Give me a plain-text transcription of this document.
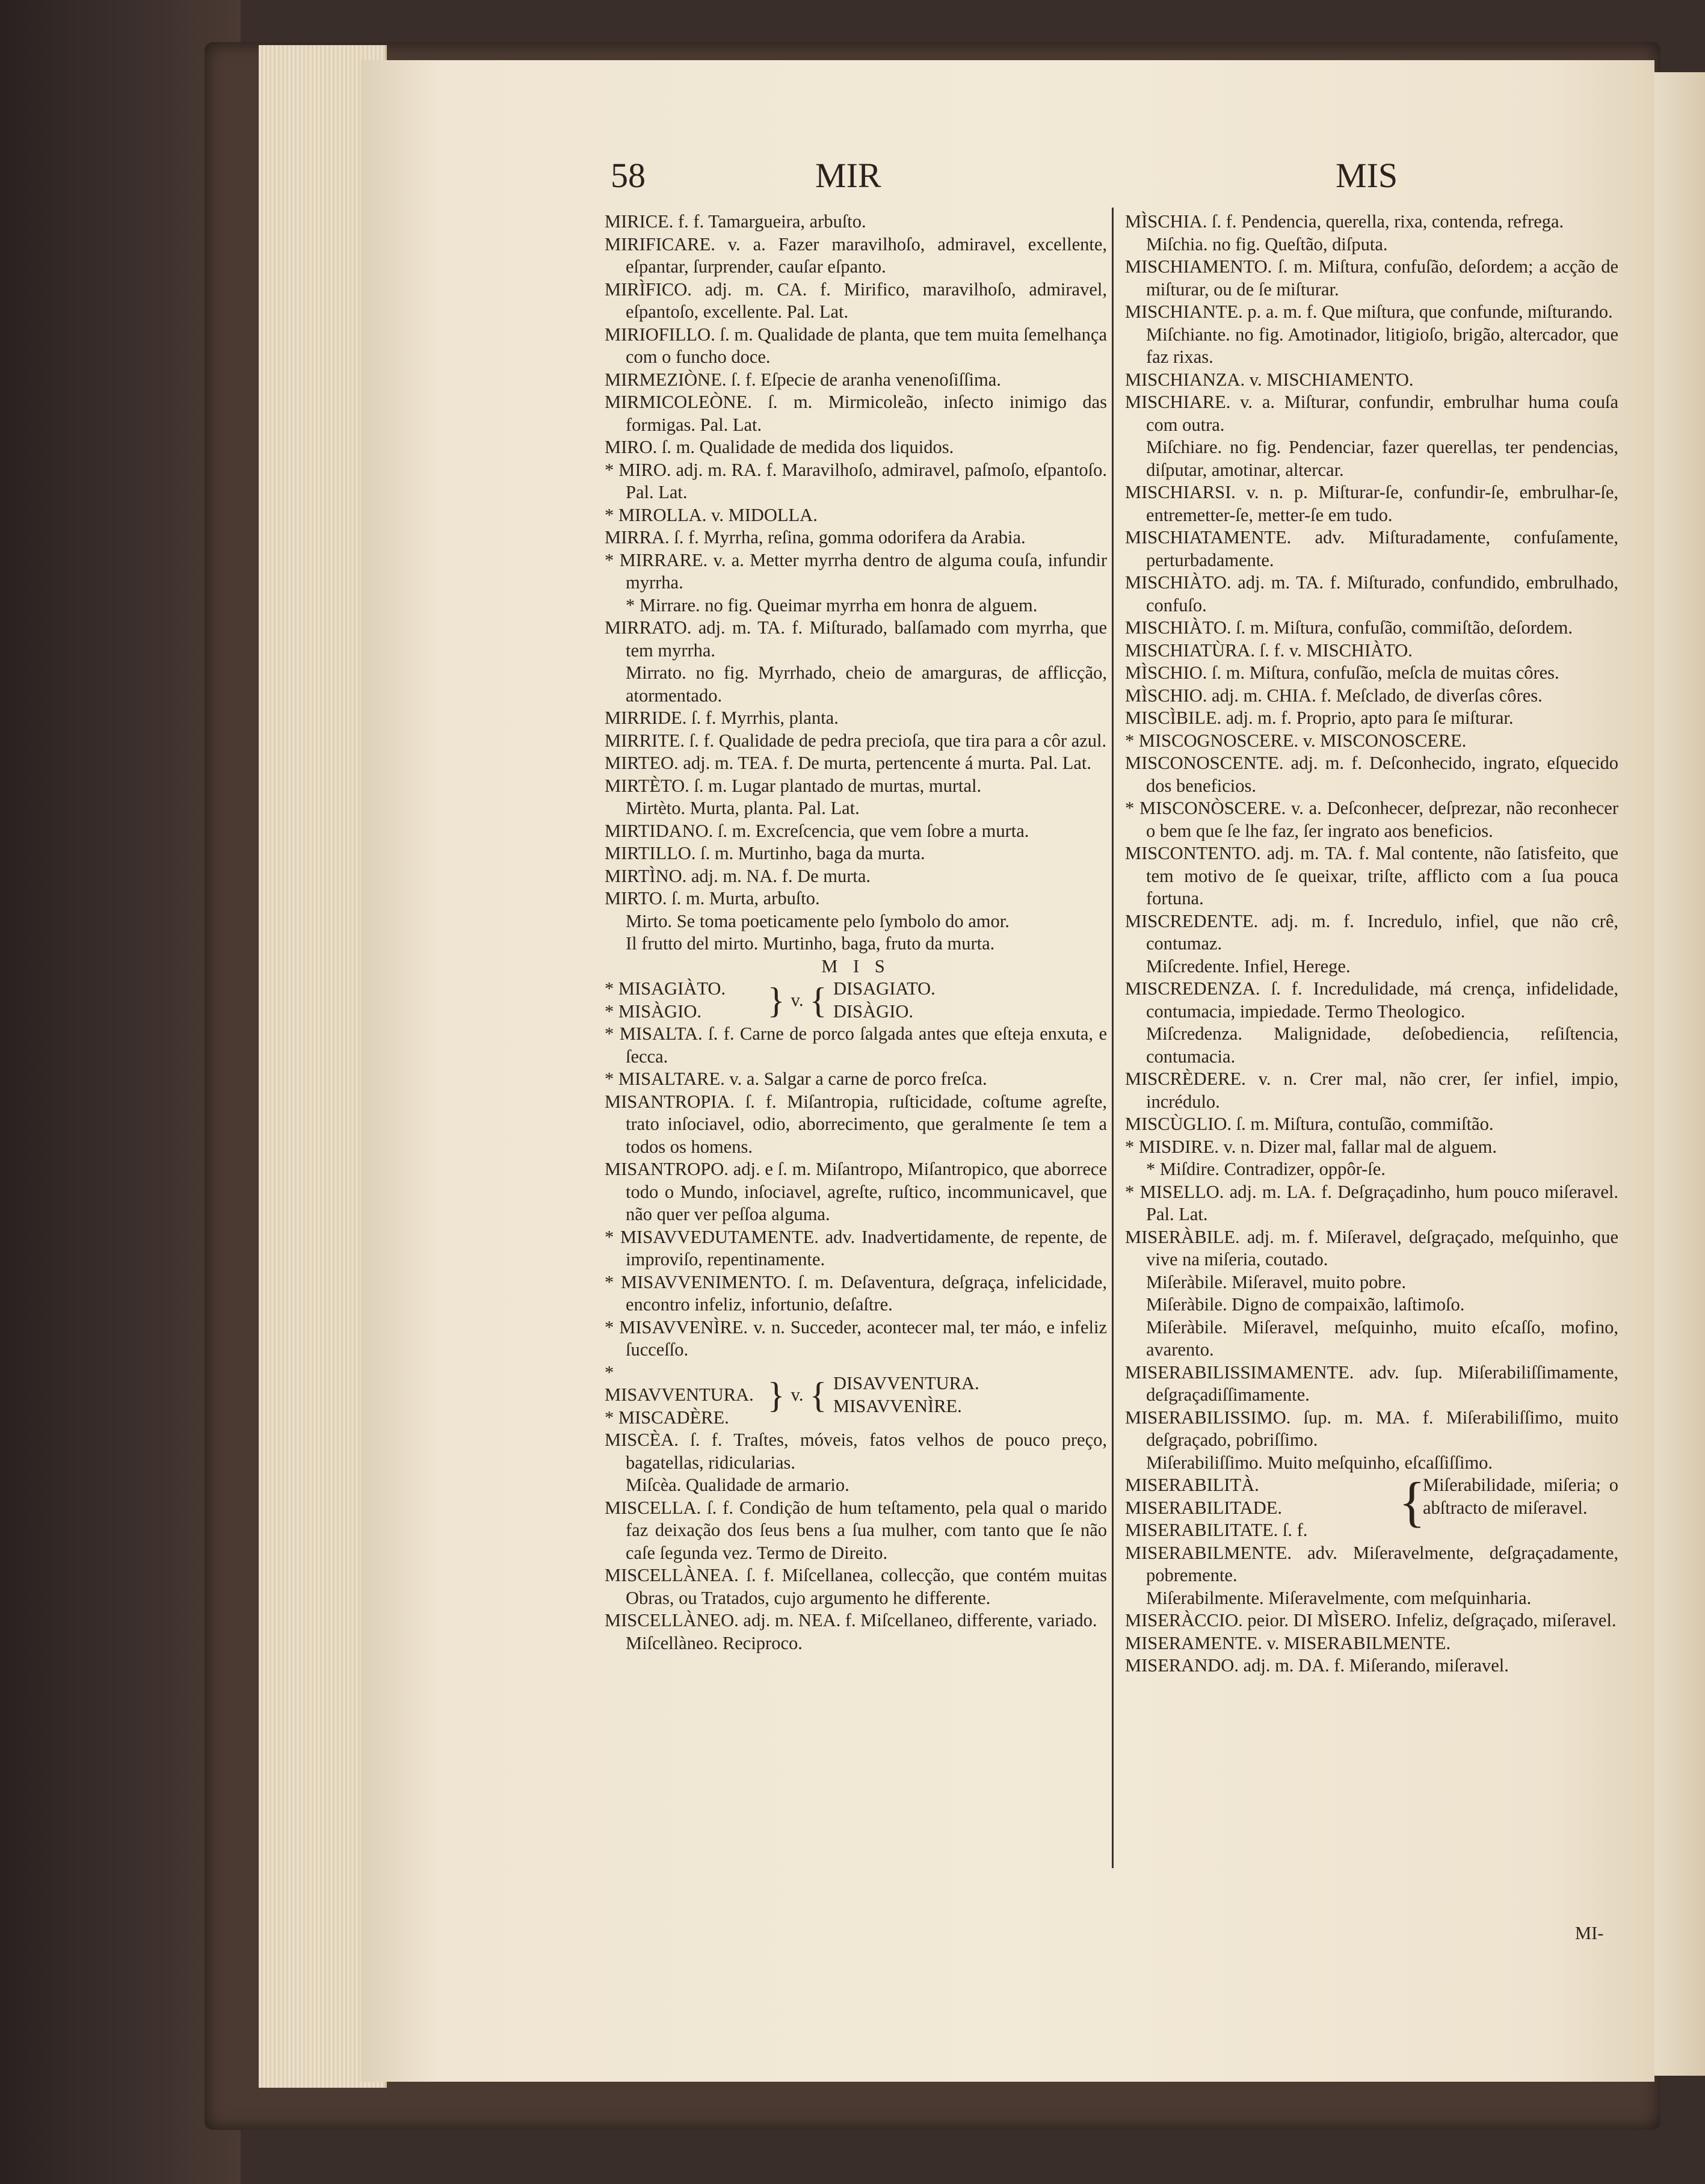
58	MIR	MIS

MIRICE. f. f. Tamargueira, arbuſto.

MIRIFICARE. v. a. Fazer maravilhoſo, admiravel, excellente, eſpantar, ſurprender, cauſar eſpanto.

MIRÌFICO. adj. m. CA. f. Mirifico, maravilhoſo, admiravel, eſpantoſo, excellente. Pal. Lat.

MIRIOFILLO. ſ. m. Qualidade de planta, que tem muita ſemelhança com o funcho doce.

MIRMEZIÒNE. ſ. f. Eſpecie de aranha venenoſiſſima.

MIRMICOLEÒNE. ſ. m. Mirmicoleão, inſecto inimigo das formigas. Pal. Lat.

MIRO. ſ. m. Qualidade de medida dos liquidos.

* MIRO. adj. m. RA. f. Maravilhoſo, admiravel, paſmoſo, eſpantoſo. Pal. Lat.

* MIROLLA. v. MIDOLLA.

MIRRA. ſ. f. Myrrha, reſina, gomma odorifera da Arabia.

* MIRRARE. v. a. Metter myrrha dentro de alguma couſa, infundir myrrha.

* Mirrare. no fig. Queimar myrrha em honra de alguem.

MIRRATO. adj. m. TA. f. Miſturado, balſamado com myrrha, que tem myrrha.

Mirrato. no fig. Myrrhado, cheio de amarguras, de afflicção, atormentado.

MIRRIDE. ſ. f. Myrrhis, planta.

MIRRITE. ſ. f. Qualidade de pedra precioſa, que tira para a côr azul.

MIRTEO. adj. m. TEA. f. De murta, pertencente á murta. Pal. Lat.

MIRTÈTO. ſ. m. Lugar plantado de murtas, murtal.

Mirtèto. Murta, planta. Pal. Lat.

MIRTIDANO. ſ. m. Excreſcencia, que vem ſobre a murta.

MIRTILLO. ſ. m. Murtinho, baga da murta.

MIRTÌNO. adj. m. NA. f. De murta.

MIRTO. ſ. m. Murta, arbuſto.

Mirto. Se toma poeticamente pelo ſymbolo do amor.

Il frutto del mirto. Murtinho, baga, fruto da murta.

M I S

* MISAGIÀTO.
* MISÀGIO.	} v. { DISAGIATO.
DISÀGIO.

* MISALTA. ſ. f. Carne de porco ſalgada antes que eſteja enxuta, e ſecca.

* MISALTARE. v. a. Salgar a carne de porco freſca.

MISANTROPIA. ſ. f. Miſantropia, ruſticidade, coſtume agreſte, trato inſociavel, odio, aborrecimento, que geralmente ſe tem a todos os homens.

MISANTROPO. adj. e ſ. m. Miſantropo, Miſantropico, que aborrece todo o Mundo, inſociavel, agreſte, ruſtico, incommunicavel, que não quer ver peſſoa alguma.

* MISAVVEDUTAMENTE. adv. Inadvertidamente, de repente, de improviſo, repentinamente.

* MISAVVENIMENTO. ſ. m. Deſaventura, deſgraça, infelicidade, encontro infeliz, infortunio, deſaſtre.

* MISAVVENÌRE. v. n. Succeder, acontecer mal, ter máo, e infeliz ſucceſſo.

* MISAVVENTURA.
* MISCADÈRE.
} v. { DISAVVENTURA.
MISAVVENÌRE.

MISCÈA. ſ. f. Traſtes, móveis, fatos velhos de pouco preço, bagatellas, ridicularias.

Miſcèa. Qualidade de armario.

MISCELLA. ſ. f. Condição de hum teſtamento, pela qual o marido faz deixação dos ſeus bens a ſua mulher, com tanto que ſe não caſe ſegunda vez. Termo de Direito.

MISCELLÀNEA. ſ. f. Miſcellanea, collecção, que contém muitas Obras, ou Tratados, cujo argumento he differente.

MISCELLÀNEO. adj. m. NEA. f. Miſcellaneo, differente, variado.

Miſcellàneo. Reciproco.

MÌSCHIA. ſ. f. Pendencia, querella, rixa, contenda, refrega.

Miſchia. no fig. Queſtão, diſputa.

MISCHIAMENTO. ſ. m. Miſtura, confuſão, deſordem; a acção de miſturar, ou de ſe miſturar.

MISCHIANTE. p. a. m. f. Que miſtura, que confunde, miſturando.

Miſchiante. no fig. Amotinador, litigioſo, brigão, altercador, que faz rixas.

MISCHIANZA. v. MISCHIAMENTO.

MISCHIARE. v. a. Miſturar, confundir, embrulhar huma couſa com outra.

Miſchiare. no fig. Pendenciar, fazer querellas, ter pendencias, diſputar, amotinar, altercar.

MISCHIARSI. v. n. p. Miſturar-ſe, confundir-ſe, embrulhar-ſe, entremetter-ſe, metter-ſe em tudo.

MISCHIATAMENTE. adv. Miſturadamente, confuſamente, perturbadamente.

MISCHIÀTO. adj. m. TA. f. Miſturado, confundido, embrulhado, confuſo.

MISCHIÀTO. ſ. m. Miſtura, confuſão, commiſtão, deſordem.

MISCHIATÙRA. ſ. f. v. MISCHIÀTO.

MÌSCHIO. ſ. m. Miſtura, confuſão, meſcla de muitas côres.

MÌSCHIO. adj. m. CHIA. f. Meſclado, de diverſas côres.

MISCÌBILE. adj. m. f. Proprio, apto para ſe miſturar.

* MISCOGNOSCERE. v. MISCONOSCERE.

MISCONOSCENTE. adj. m. f. Deſconhecido, ingrato, eſquecido dos beneficios.

* MISCONÒSCERE. v. a. Deſconhecer, deſprezar, não reconhecer o bem que ſe lhe faz, ſer ingrato aos beneficios.

MISCONTENTO. adj. m. TA. f. Mal contente, não ſatisfeito, que tem motivo de ſe queixar, triſte, afflicto com a ſua pouca fortuna.

MISCREDENTE. adj. m. f. Incredulo, infiel, que não crê, contumaz.

Miſcredente. Infiel, Herege.

MISCREDENZA. ſ. f. Incredulidade, má crença, infidelidade, contumacia, impiedade. Termo Theologico.

Miſcredenza. Malignidade, deſobediencia, reſiſtencia, contumacia.

MISCRÈDERE. v. n. Crer mal, não crer, ſer infiel, impio, incrédulo.

MISCÙGLIO. ſ. m. Miſtura, contuſão, commiſtão.

* MISDIRE. v. n. Dizer mal, fallar mal de alguem.

* Miſdire. Contradizer, oppôr-ſe.

* MISELLO. adj. m. LA. f. Deſgraçadinho, hum pouco miſeravel. Pal. Lat.

MISERÀBILE. adj. m. f. Miſeravel, deſgraçado, meſquinho, que vive na miſeria, coutado.

Miſeràbile. Miſeravel, muito pobre.

Miſeràbile. Digno de compaixão, laſtimoſo.

Miſeràbile. Miſeravel, meſquinho, muito eſcaſſo, mofino, avarento.

MISERABILISSIMAMENTE. adv. ſup. Miſerabiliſſimamente, deſgraçadiſſimamente.

MISERABILISSIMO. ſup. m. MA. f. Miſerabiliſſimo, muito deſgraçado, pobriſſimo.

Miſerabiliſſimo. Muito meſquinho, eſcaſſiſſimo.

MISERABILITÀ.
MISERABILITADE.
MISERABILITATE. ſ. f.	{
Miſerabilidade, miſeria; o abſtracto de miſeravel.

MISERABILMENTE. adv. Miſeravelmente, deſgraçadamente, pobremente.

Miſerabilmente. Miſeravelmente, com meſquinharia.

MISERÀCCIO. peior. DI MÌSERO. Infeliz, deſgraçado, miſeravel.

MISERAMENTE. v. MISERABILMENTE.

MISERANDO. adj. m. DA. f. Miſerando, miſeravel.

MI-
